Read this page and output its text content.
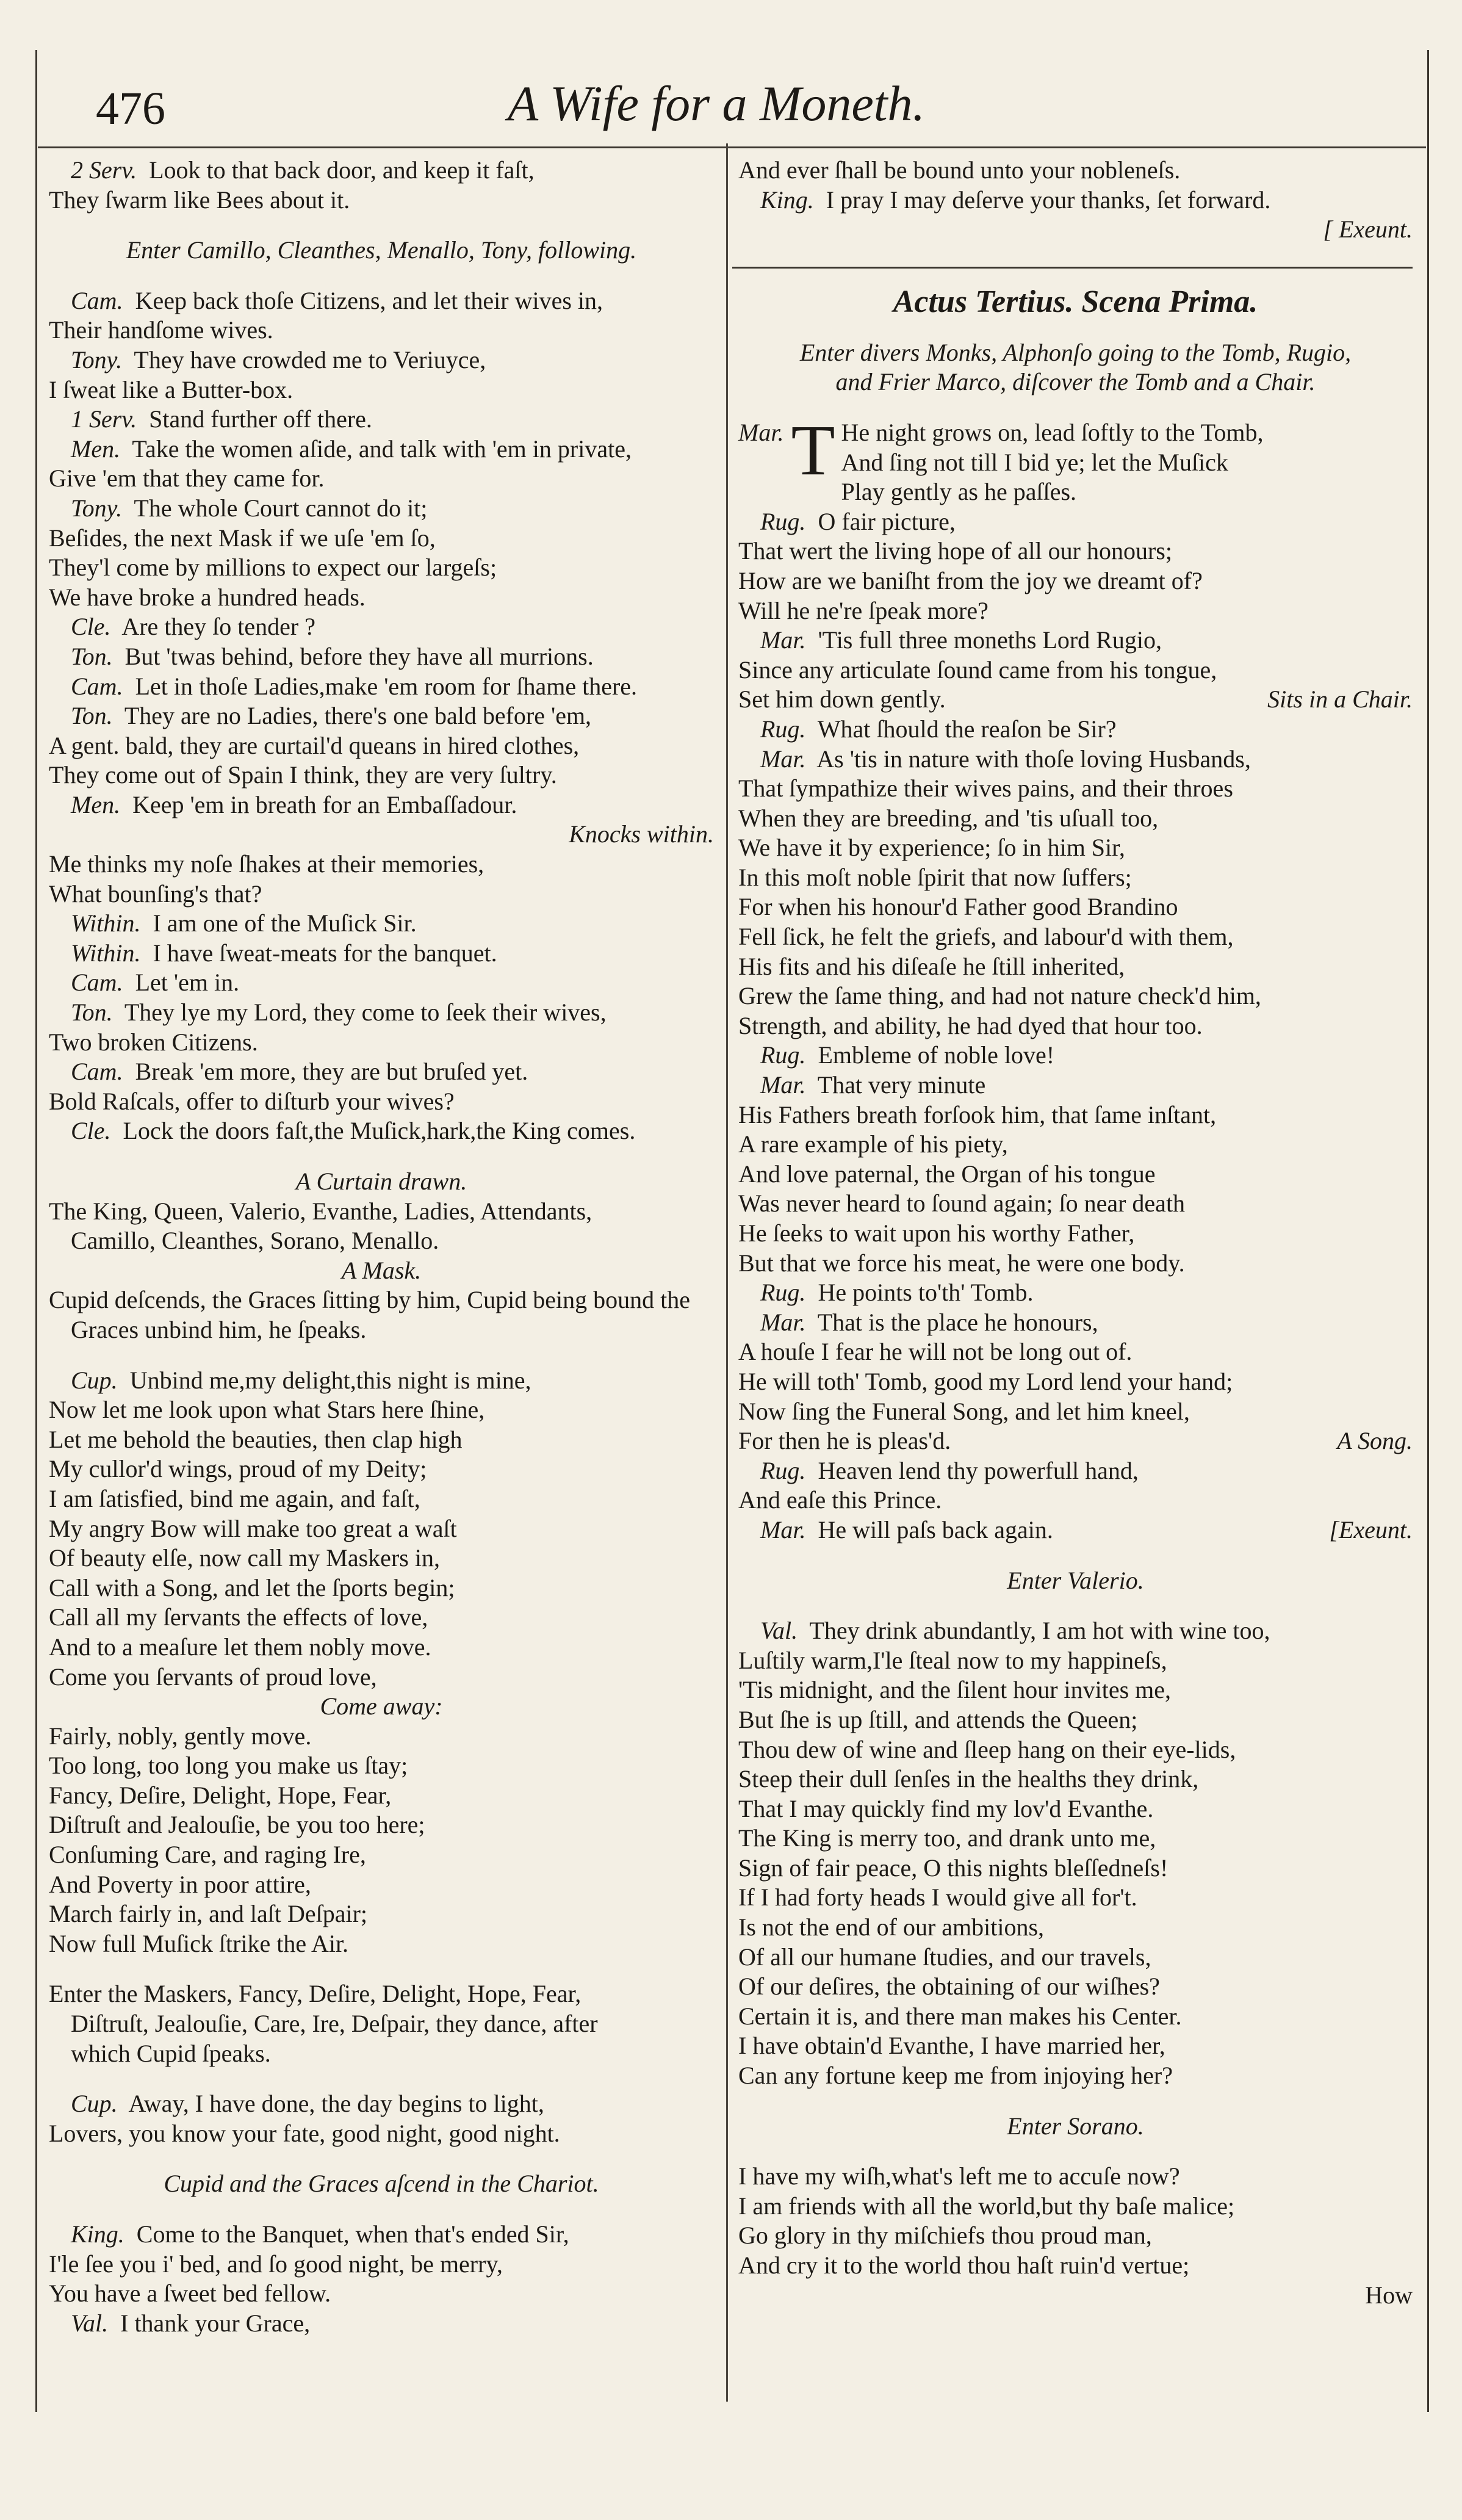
476	A Wife for a Moneth.
2 Serv. Look to that back door, and keep it faſt,
They ſwarm like Bees about it.
Enter Camillo, Cleanthes, Menallo, Tony, following.
Cam. Keep back thoſe Citizens, and let their wives in,
Their handſome wives.
Tony. They have crowded me to Veriuyce,
I ſweat like a Butter-box.
1 Serv. Stand further off there.
Men. Take the women aſide, and talk with 'em in private,
Give 'em that they came for.
Tony. The whole Court cannot do it;
Beſides, the next Mask if we uſe 'em ſo,
They'l come by millions to expect our largeſs;
We have broke a hundred heads.
Cle. Are they ſo tender ?
Ton. But 'twas behind, before they have all murrions.
Cam. Let in thoſe Ladies,make 'em room for ſhame there.
Ton. They are no Ladies, there's one bald before 'em,
A gent. bald, they are curtail'd queans in hired clothes,
They come out of Spain I think, they are very ſultry.
Men. Keep 'em in breath for an Embaſſadour.
Knocks within.
Me thinks my noſe ſhakes at their memories,
What bounſing's that?
Within. I am one of the Muſick Sir.
Within. I have ſweat-meats for the banquet.
Cam. Let 'em in.
Ton. They lye my Lord, they come to ſeek their wives,
Two broken Citizens.
Cam. Break 'em more, they are but bruſed yet.
Bold Raſcals, offer to diſturb your wives?
Cle. Lock the doors faſt,the Muſick,hark,the King comes.
A Curtain drawn.
The King, Queen, Valerio, Evanthe, Ladies, Attendants,
Camillo, Cleanthes, Sorano, Menallo.
A Mask.
Cupid deſcends, the Graces ſitting by him, Cupid being bound the
Graces unbind him, he ſpeaks.
Cup. Unbind me,my delight,this night is mine,
Now let me look upon what Stars here ſhine,
Let me behold the beauties, then clap high
My cullor'd wings, proud of my Deity;
I am ſatisfied, bind me again, and faſt,
My angry Bow will make too great a waſt
Of beauty elſe, now call my Maskers in,
Call with a Song, and let the ſports begin;
Call all my ſervants the effects of love,
And to a meaſure let them nobly move.
Come you ſervants of proud love,
Come away:
Fairly, nobly, gently move.
Too long, too long you make us ſtay;
Fancy, Deſire, Delight, Hope, Fear,
Diſtruſt and Jealouſie, be you too here;
Conſuming Care, and raging Ire,
And Poverty in poor attire,
March fairly in, and laſt Deſpair;
Now full Muſick ſtrike the Air.
Enter the Maskers, Fancy, Deſire, Delight, Hope, Fear,
Diſtruſt, Jealouſie, Care, Ire, Deſpair, they dance, after
which Cupid ſpeaks.
Cup. Away, I have done, the day begins to light,
Lovers, you know your fate, good night, good night.
Cupid and the Graces aſcend in the Chariot.
King. Come to the Banquet, when that's ended Sir,
I'le ſee you i' bed, and ſo good night, be merry,
You have a ſweet bed fellow.
Val. I thank your Grace,
And ever ſhall be bound unto your nobleneſs.
King. I pray I may deſerve your thanks, ſet forward.
[ Exeunt.
Actus Tertius. Scena Prima.
Enter divers Monks, Alphonſo going to the Tomb, Rugio,
and Frier Marco, diſcover the Tomb and a Chair.
Mar. T He night grows on, lead ſoftly to the Tomb,
And ſing not till I bid ye; let the Muſick
Play gently as he paſſes.
Rug. O fair picture,
That wert the living hope of all our honours;
How are we baniſht from the joy we dreamt of?
Will he ne're ſpeak more?
Mar. 'Tis full three moneths Lord Rugio,
Since any articulate ſound came from his tongue,
Set him down gently.	Sits in a Chair.
Rug. What ſhould the reaſon be Sir?
Mar. As 'tis in nature with thoſe loving Husbands,
That ſympathize their wives pains, and their throes
When they are breeding, and 'tis uſuall too,
We have it by experience; ſo in him Sir,
In this moſt noble ſpirit that now ſuffers;
For when his honour'd Father good Brandino
Fell ſick, he felt the griefs, and labour'd with them,
His fits and his diſeaſe he ſtill inherited,
Grew the ſame thing, and had not nature check'd him,
Strength, and ability, he had dyed that hour too.
Rug. Embleme of noble love!
Mar. That very minute
His Fathers breath forſook him, that ſame inſtant,
A rare example of his piety,
And love paternal, the Organ of his tongue
Was never heard to ſound again; ſo near death
He ſeeks to wait upon his worthy Father,
But that we force his meat, he were one body.
Rug. He points to'th' Tomb.
Mar. That is the place he honours,
A houſe I fear he will not be long out of.
He will toth' Tomb, good my Lord lend your hand;
Now ſing the Funeral Song, and let him kneel,
For then he is pleas'd.	A Song.
Rug. Heaven lend thy powerfull hand,
And eaſe this Prince.
Mar. He will paſs back again.	[Exeunt.
Enter Valerio.
Val. They drink abundantly, I am hot with wine too,
Luſtily warm,I'le ſteal now to my happineſs,
'Tis midnight, and the ſilent hour invites me,
But ſhe is up ſtill, and attends the Queen;
Thou dew of wine and ſleep hang on their eye-lids,
Steep their dull ſenſes in the healths they drink,
That I may quickly find my lov'd Evanthe.
The King is merry too, and drank unto me,
Sign of fair peace, O this nights bleſſedneſs!
If I had forty heads I would give all for't.
Is not the end of our ambitions,
Of all our humane ſtudies, and our travels,
Of our deſires, the obtaining of our wiſhes?
Certain it is, and there man makes his Center.
I have obtain'd Evanthe, I have married her,
Can any fortune keep me from injoying her?
Enter Sorano.
I have my wiſh,what's left me to accuſe now?
I am friends with all the world,but thy baſe malice;
Go glory in thy miſchiefs thou proud man,
And cry it to the world thou haſt ruin'd vertue;
How
